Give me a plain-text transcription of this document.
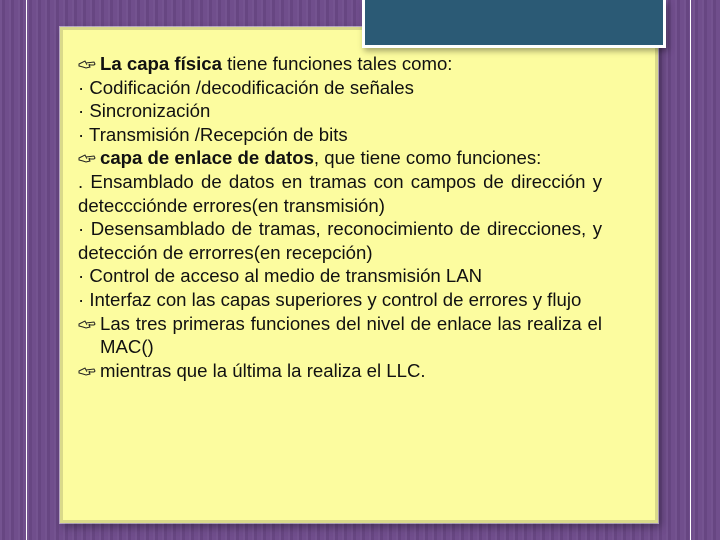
La capa física tiene funciones tales como:

· Codificación /decodificación de señales

· Sincronización

· Transmisión /Recepción de bits

capa de enlace de datos, que tiene como funciones:

. Ensamblado de datos en tramas con campos de dirección y deteccciónde errores(en transmisión)

· Desensamblado de tramas, reconocimiento de direcciones, y detección de errorres(en recepción)

· Control de acceso al medio de transmisión LAN

· Interfaz con las capas superiores y control de errores y flujo

Las tres primeras funciones del nivel de enlace las realiza el MAC()

mientras que la última la realiza el LLC.
